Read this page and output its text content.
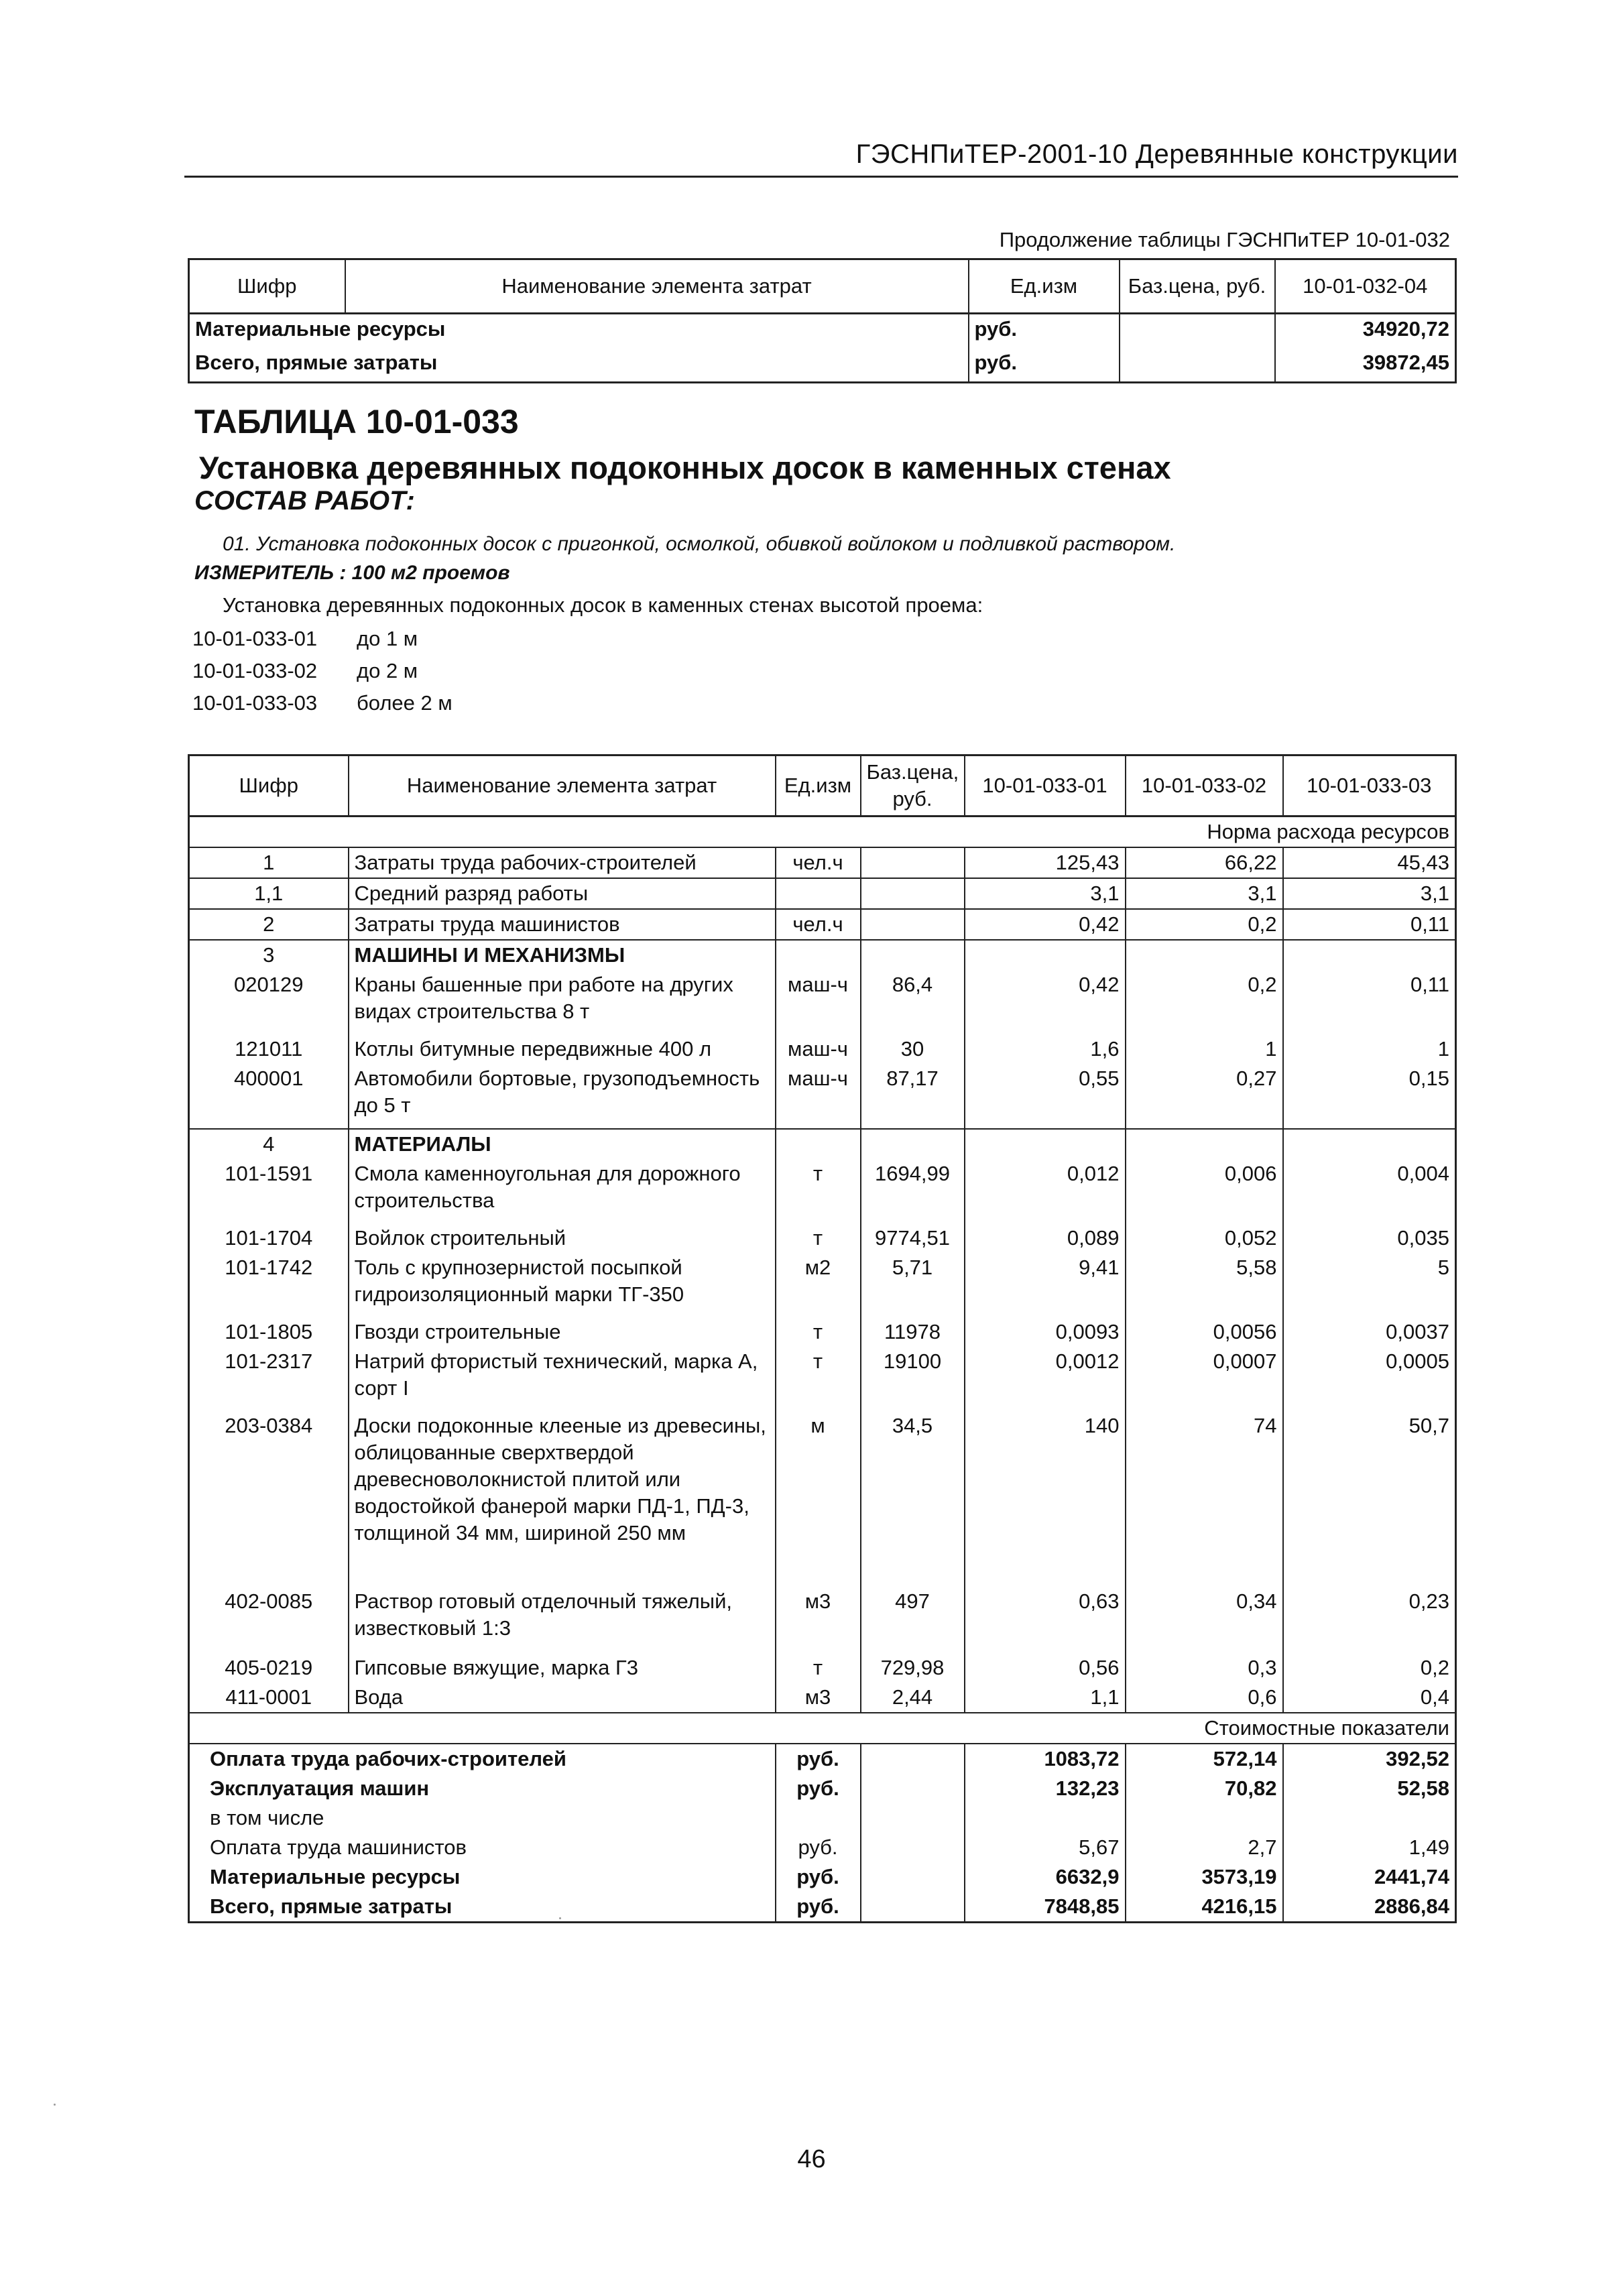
ГЭСНПиТЕР-2001-10 Деревянные конструкции
Продолжение таблицы ГЭСНПиТЕР 10-01-032
Шифр	Наименование элемента затрат	Ед.изм	Баз.цена, руб.	10-01-032-04
Материальные ресурсы		руб.		34920,72
Всего, прямые затраты		руб.		39872,45
ТАБЛИЦА 10-01-033
Установка деревянных подоконных досок в каменных стенах
СОСТАВ РАБОТ:
01. Установка подоконных досок с пригонкой, осмолкой, обивкой войлоком и подливкой раствором.
ИЗМЕРИТЕЛЬ : 100 м2 проемов
Установка деревянных подоконных досок в каменных стенах высотой проема:
10-01-033-01 до 1 м
10-01-033-02 до 2 м
10-01-033-03 более 2 м
Шифр	Наименование элемента затрат	Ед.изм	Баз.цена, руб.	10-01-033-01	10-01-033-02	10-01-033-03
Норма расхода ресурсов						
1	Затраты труда рабочих-строителей	чел.ч		125,43	66,22	45,43
1,1	Средний разряд работы			3,1	3,1	3,1
2	Затраты труда машинистов	чел.ч		0,42	0,2	0,11
3	МАШИНЫ И МЕХАНИЗМЫ					
020129	Краны башенные при работе на других видах строительства 8 т	маш-ч	86,4	0,42	0,2	0,11
121011	Котлы битумные передвижные 400 л	маш-ч	30	1,6	1	1
400001	Автомобили бортовые, грузоподъемность до 5 т	маш-ч	87,17	0,55	0,27	0,15
4	МАТЕРИАЛЫ					
101-1591	Смола каменноугольная для дорожного строительства	т	1694,99	0,012	0,006	0,004
101-1704	Войлок строительный	т	9774,51	0,089	0,052	0,035
101-1742	Толь с крупнозернистой посыпкой гидроизоляционный марки ТГ-350	м2	5,71	9,41	5,58	5
101-1805	Гвозди строительные	т	11978	0,0093	0,0056	0,0037
101-2317	Натрий фтористый технический, марка А, сорт I	т	19100	0,0012	0,0007	0,0005
203-0384	Доски подоконные клееные из древесины, облицованные сверхтвердой древесноволокнистой плитой или водостойкой фанерой марки ПД-1, ПД-3, толщиной 34 мм, шириной 250 мм	м	34,5	140	74	50,7
402-0085	Раствор готовый отделочный тяжелый, известковый 1:3	м3	497	0,63	0,34	0,23
405-0219	Гипсовые вяжущие, марка Г3	т	729,98	0,56	0,3	0,2
411-0001	Вода	м3	2,44	1,1	0,6	0,4
Стоимостные показатели						
Оплата труда рабочих-строителей		руб.		1083,72	572,14	392,52
Эксплуатация машин		руб.		132,23	70,82	52,58
в том числе						
Оплата труда машинистов		руб.		5,67	2,7	1,49
Материальные ресурсы		руб.		6632,9	3573,19	2441,74
Всего, прямые затраты		руб.		7848,85	4216,15	2886,84
46
